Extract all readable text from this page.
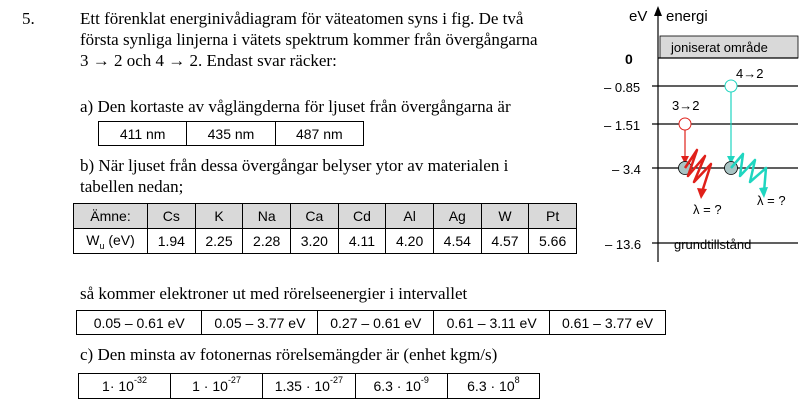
5.	Ett förenklat energinivådiagram för väteatomen syns i fig. De två
första synliga linjerna i vätets spektrum kommer från övergångarna
3 → 2 och 4 → 2. Endast svar räcker:
a) Den kortaste av våglängderna för ljuset från övergångarna är
411 nm	435 nm	487 nm
b) När ljuset från dessa övergångar belyser ytor av materialen i
tabellen nedan;
Ämne:	Cs	K	Na	Ca	Cd	Al	Ag	W	Pt
$W_u$ (eV)	1.94	2.25	2.28	3.20	4.11	4.20	4.54	4.57	5.66
så kommer elektroner ut med rörelseenergier i intervallet
0.05 – 0.61 eV	0.05 – 3.77 eV	0.27 – 0.61 eV	0.61 – 3.11 eV	0.61 – 3.77 eV
c) Den minsta av fotonernas rörelsemängder är (enhet kgm/s)
$1\cdot 10^{-32}$	$1 \cdot 10^{-27}$	$1.35 \cdot 10^{-27}$	$6.3 \cdot 10^{-9}$	$6.3 \cdot 10^8$
eV energi
joniserat område
0
– 0.85
– 1.51
– 3.4
– 13.6	grundtillstånd
3→2
4→2
λ = ?
λ = ?
